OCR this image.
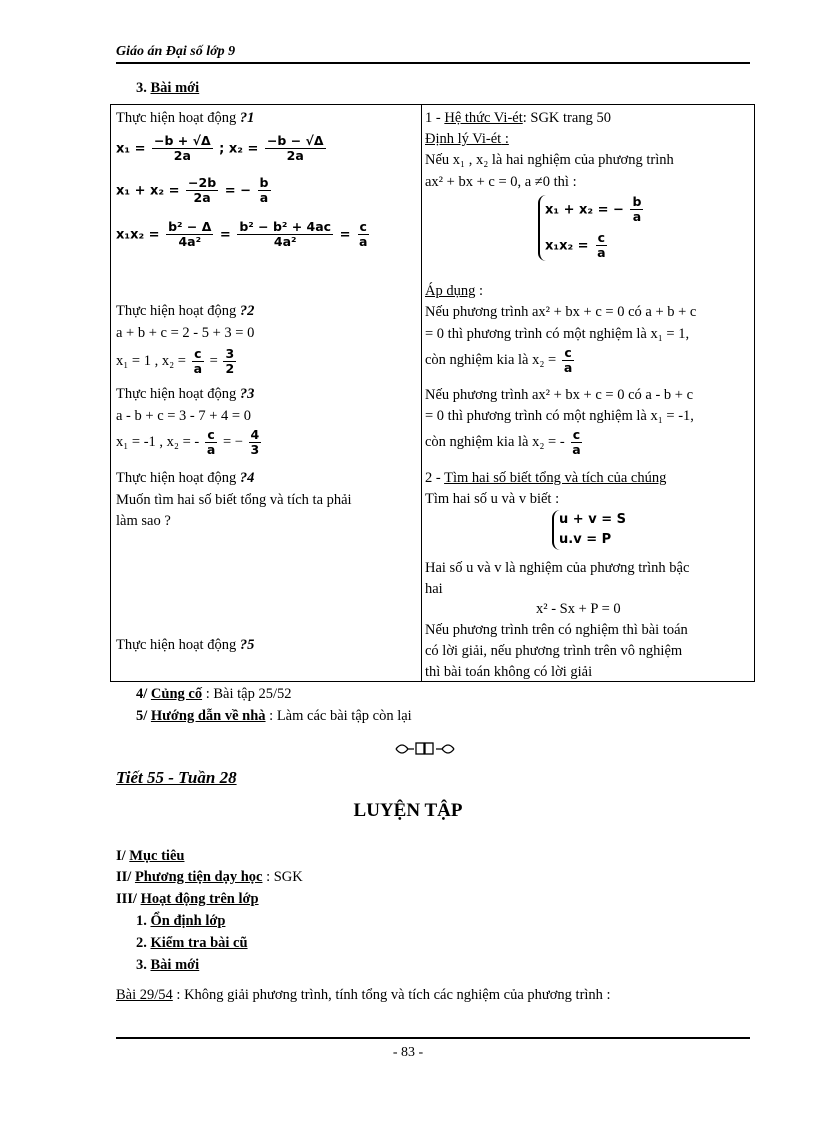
Giáo án Đại số lớp 9
3. Bài mới
Thực hiện hoạt động ?1
$x_1 = \frac{-b + √\Delta}{2a}$ ; $x_2 = \frac{-b - √\Delta}{2a}$
$x_1 + x_2 = \frac{-2b}{2a}$ = − $\frac{b}{a}$
$x_1x_2 = \frac{\text{b² − Δ}}{\text{4a²}} = \frac{\text{b² − b² + 4ac}}{\text{4a²}} = \frac{c}{a}$
Thực hiện hoạt động ?2
a + b + c = 2 - 5 + 3 = 0
x₁ = 1 , $x_2 = \frac{c}{a} = \frac{3}{2}$
Thực hiện hoạt động ?3
a - b + c = 3 - 7 + 4 = 0
x₁ = -1 , x₂ = - $\frac{c}{a}$ = − $\frac{4}{3}$
Thực hiện hoạt động ?4
Muốn tìm hai số biết tổng và tích ta phải
làm sao ?
Thực hiện hoạt động ?5
1 - Hệ thức Vi-ét: SGK trang 50
Định lý Vi-ét :
Nếu x₁ , x₂ là hai nghiệm của phương trình
ax² + bx + c = 0, a ≠0 thì :
x₁ + x₂ = − $\frac{b}{a}$
$x_1x_2 = \frac{c}{a}$
Áp dụng :
Nếu phương trình ax² + bx + c = 0 có a + b + c
= 0 thì phương trình có một nghiệm là x₁ = 1,
còn nghiệm kia là $x_2 = \frac{c}{a}$
Nếu phương trình ax² + bx + c = 0 có a - b + c
= 0 thì phương trình có một nghiệm là x₁ = -1,
còn nghiệm kia là x₂ = - $\frac{c}{a}$
2 - Tìm hai số biết tổng và tích của chúng
Tìm hai số u và v biết :
u + v = S
u.v = P
Hai số u và v là nghiệm của phương trình bậc
hai
x² - Sx + P = 0
Nếu phương trình trên có nghiệm thì bài toán
có lời giải, nếu phương trình trên vô nghiệm
thì bài toán không có lời giải
4/ Củng cố : Bài tập 25/52
5/ Hướng dẫn về nhà : Làm các bài tập còn lại
Tiết 55 - Tuần 28
LUYỆN TẬP
I/ Mục tiêu
II/ Phương tiện dạy học : SGK
III/ Hoạt động trên lớp
1. Ổn định lớp
2. Kiểm tra bài cũ
3. Bài mới
Bài 29/54 : Không giải phương trình, tính tổng và tích các nghiệm của phương trình :
- 83 -
